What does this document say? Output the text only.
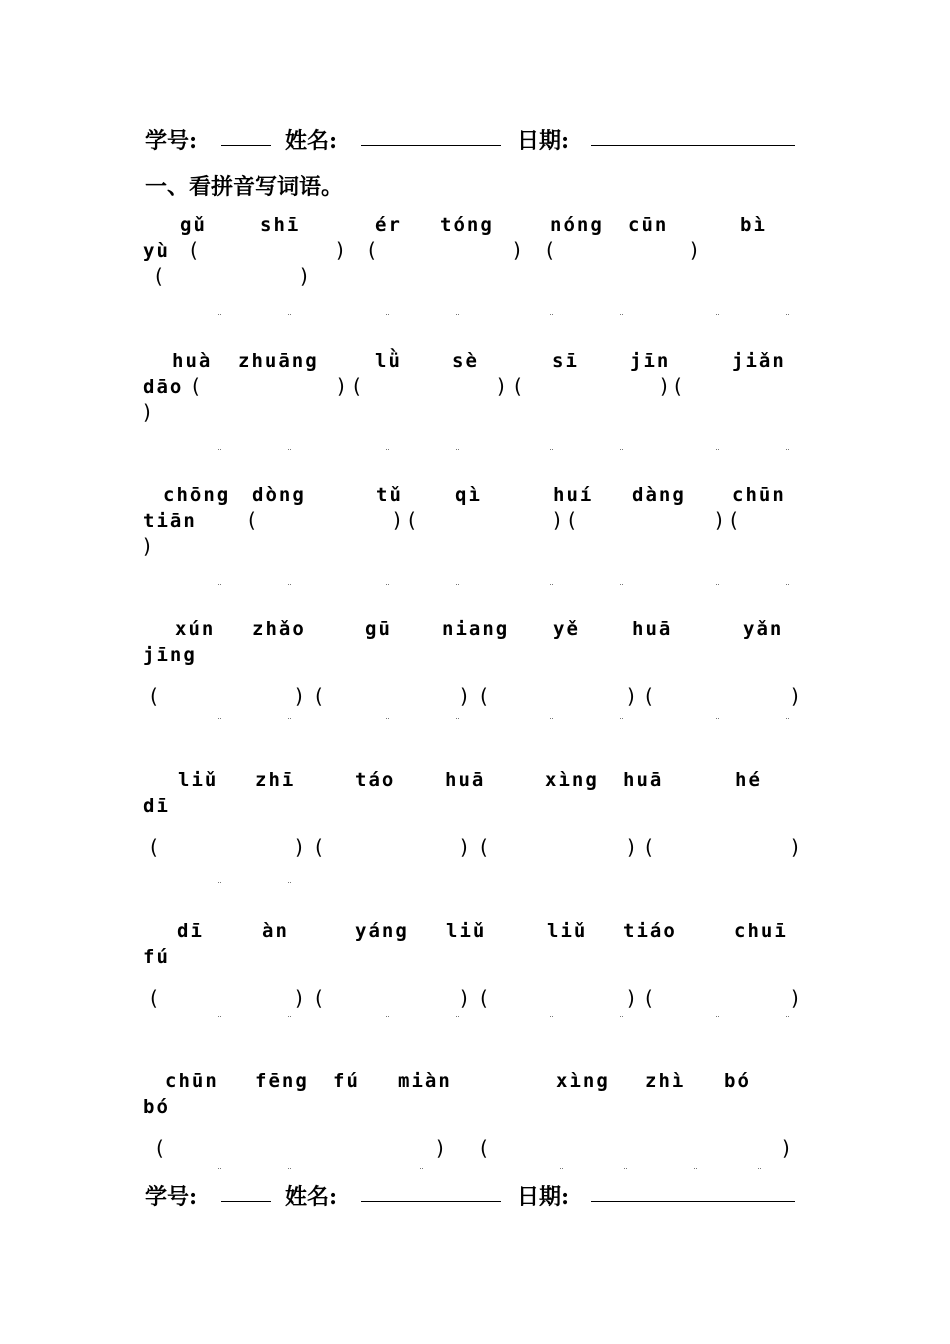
学号:	姓名:	日期:
一、看拼音写词语。
gǔ	shī	ér tóng	nóng cūn	bì
yù (	) (	) (	)
(	)
huà zhuāng	lǜ	sè	sī	jīn	jiǎn
dāo (	) (	) (	) (
)
chōng dòng	tǔ	qì	huí dàng chūn
tiān	(	) (	) (	) (
)
xún zhǎo	gū	niang yě	huā	yǎn
jīng
(	) (	) (	) (	)
liǔ zhī	táo	huā	xìng huā	hé
dī
(	) (	) (	) (	)
dī	àn	yáng liǔ	liǔ tiáo	chuī
fú
(	) (	) (	) (	)
chūn fēng fú miàn	xìng zhì bó
bó
(	) (	)
学号:	姓名:	日期:
